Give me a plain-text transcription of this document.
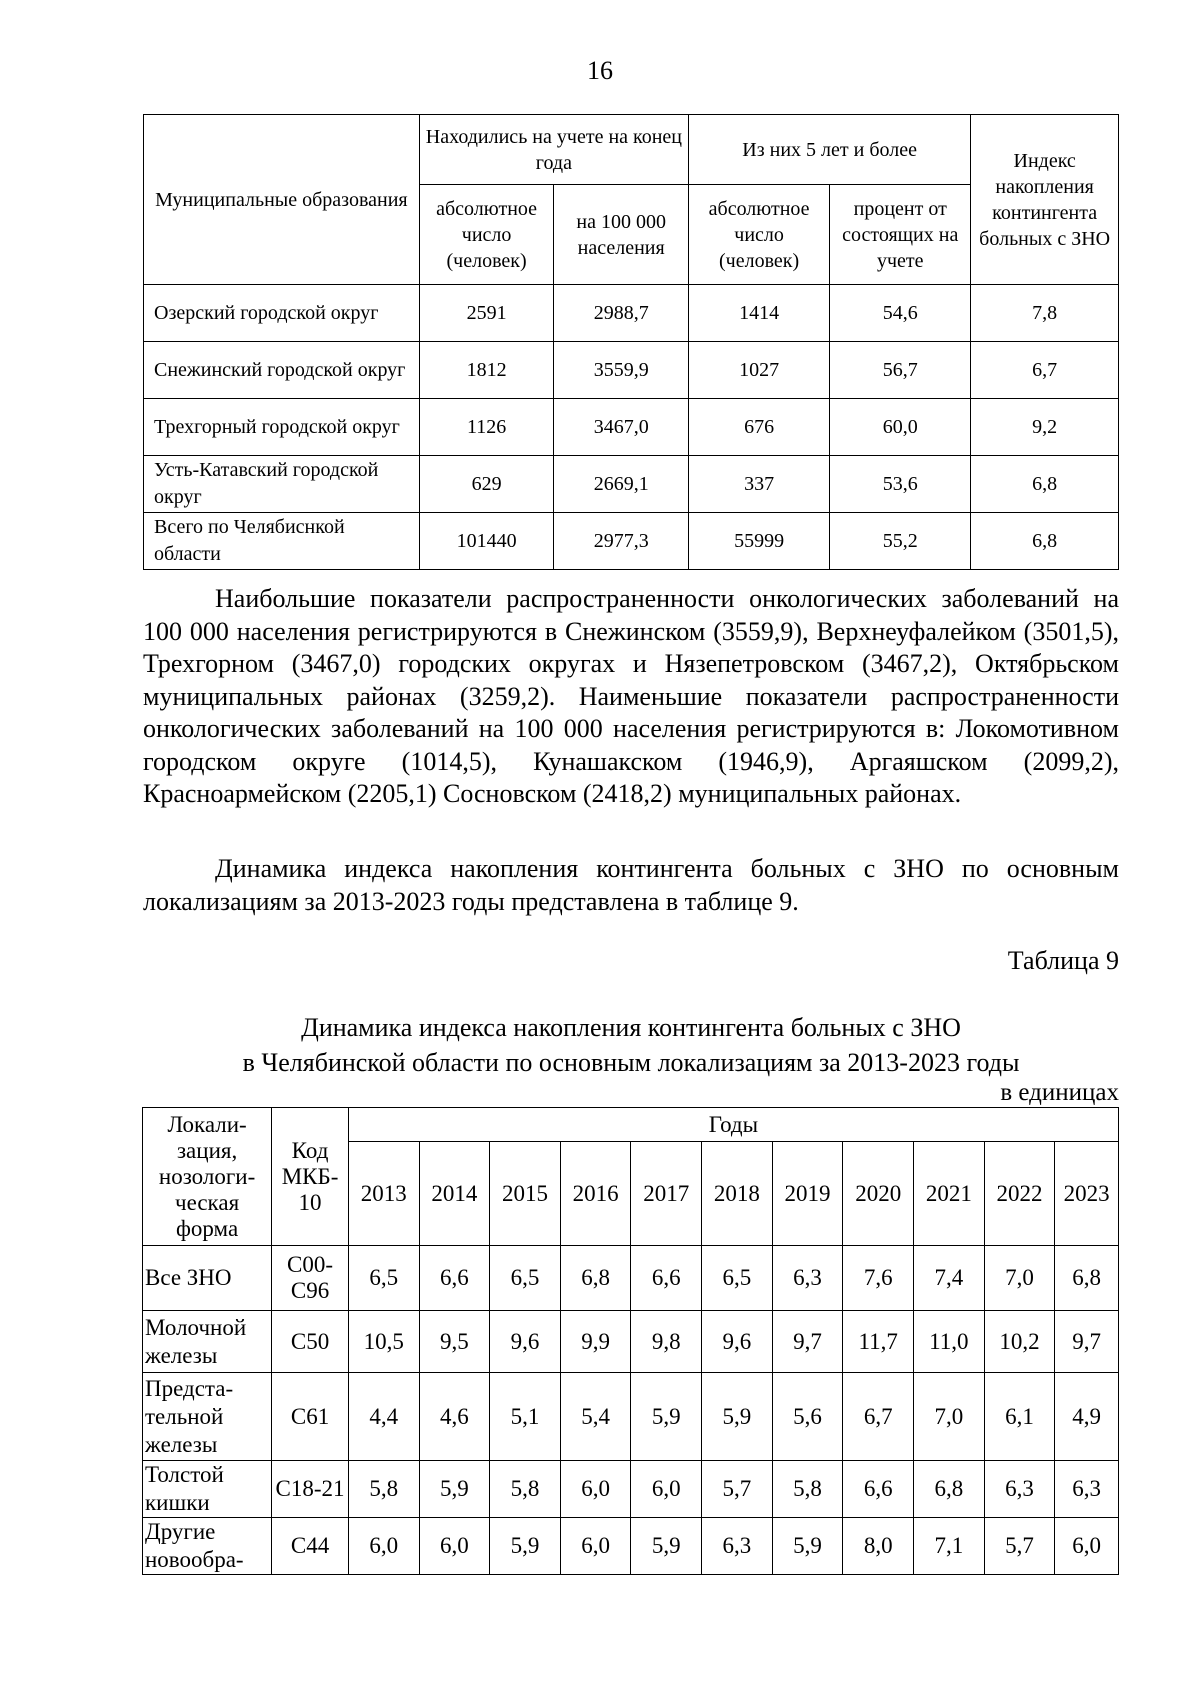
16
Муниципальные образования	Находились на учете на конец года		Из них 5 лет и более		Индекс накопления контингента больных с ЗНО
	абсолютное число (человек)	на 100 000 населения	абсолютное число (человек)	процент от состоящих на учете	
Озерский городской округ	2591	2988,7	1414	54,6	7,8
Снежинский городской округ	1812	3559,9	1027	56,7	6,7
Трехгорный городской округ	1126	3467,0	676	60,0	9,2
Усть-Катавский городской округ	629	2669,1	337	53,6	6,8
Всего по Челябиснкой области	101440	2977,3	55999	55,2	6,8
Наибольшие показатели распространенности онкологических заболеваний на 100 000 населения регистрируются в Снежинском (3559,9), Верхнеуфалейком (3501,5), Трехгорном (3467,0) городских округах и Нязепетровском (3467,2), Октябрьском муниципальных районах (3259,2). Наименьшие показатели распространенности онкологических заболеваний на 100 000 населения регистрируются в: Локомотивном городском округе (1014,5), Кунашакском (1946,9), Аргаяшском (2099,2), Красноармейском (2205,1) Сосновском (2418,2) муниципальных районах.
Динамика индекса накопления контингента больных с ЗНО по основным локализациям за 2013-2023 годы представлена в таблице 9.
Таблица 9
Динамика индекса накопления контингента больных с ЗНО
в Челябинской области по основным локализациям за 2013-2023 годы
в единицах
Локали- зация, нозологи- ческая форма	Код МКБ- 10	Годы										
		2013	2014	2015	2016	2017	2018	2019	2020	2021	2022	2023
Все ЗНО	С00- С96	6,5	6,6	6,5	6,8	6,6	6,5	6,3	7,6	7,4	7,0	6,8
Молочной железы	С50	10,5	9,5	9,6	9,9	9,8	9,6	9,7	11,7	11,0	10,2	9,7
Предста- тельной железы	С61	4,4	4,6	5,1	5,4	5,9	5,9	5,6	6,7	7,0	6,1	4,9
Толстой кишки	С18-21	5,8	5,9	5,8	6,0	6,0	5,7	5,8	6,6	6,8	6,3	6,3
Другие новообра-	С44	6,0	6,0	5,9	6,0	5,9	6,3	5,9	8,0	7,1	5,7	6,0
